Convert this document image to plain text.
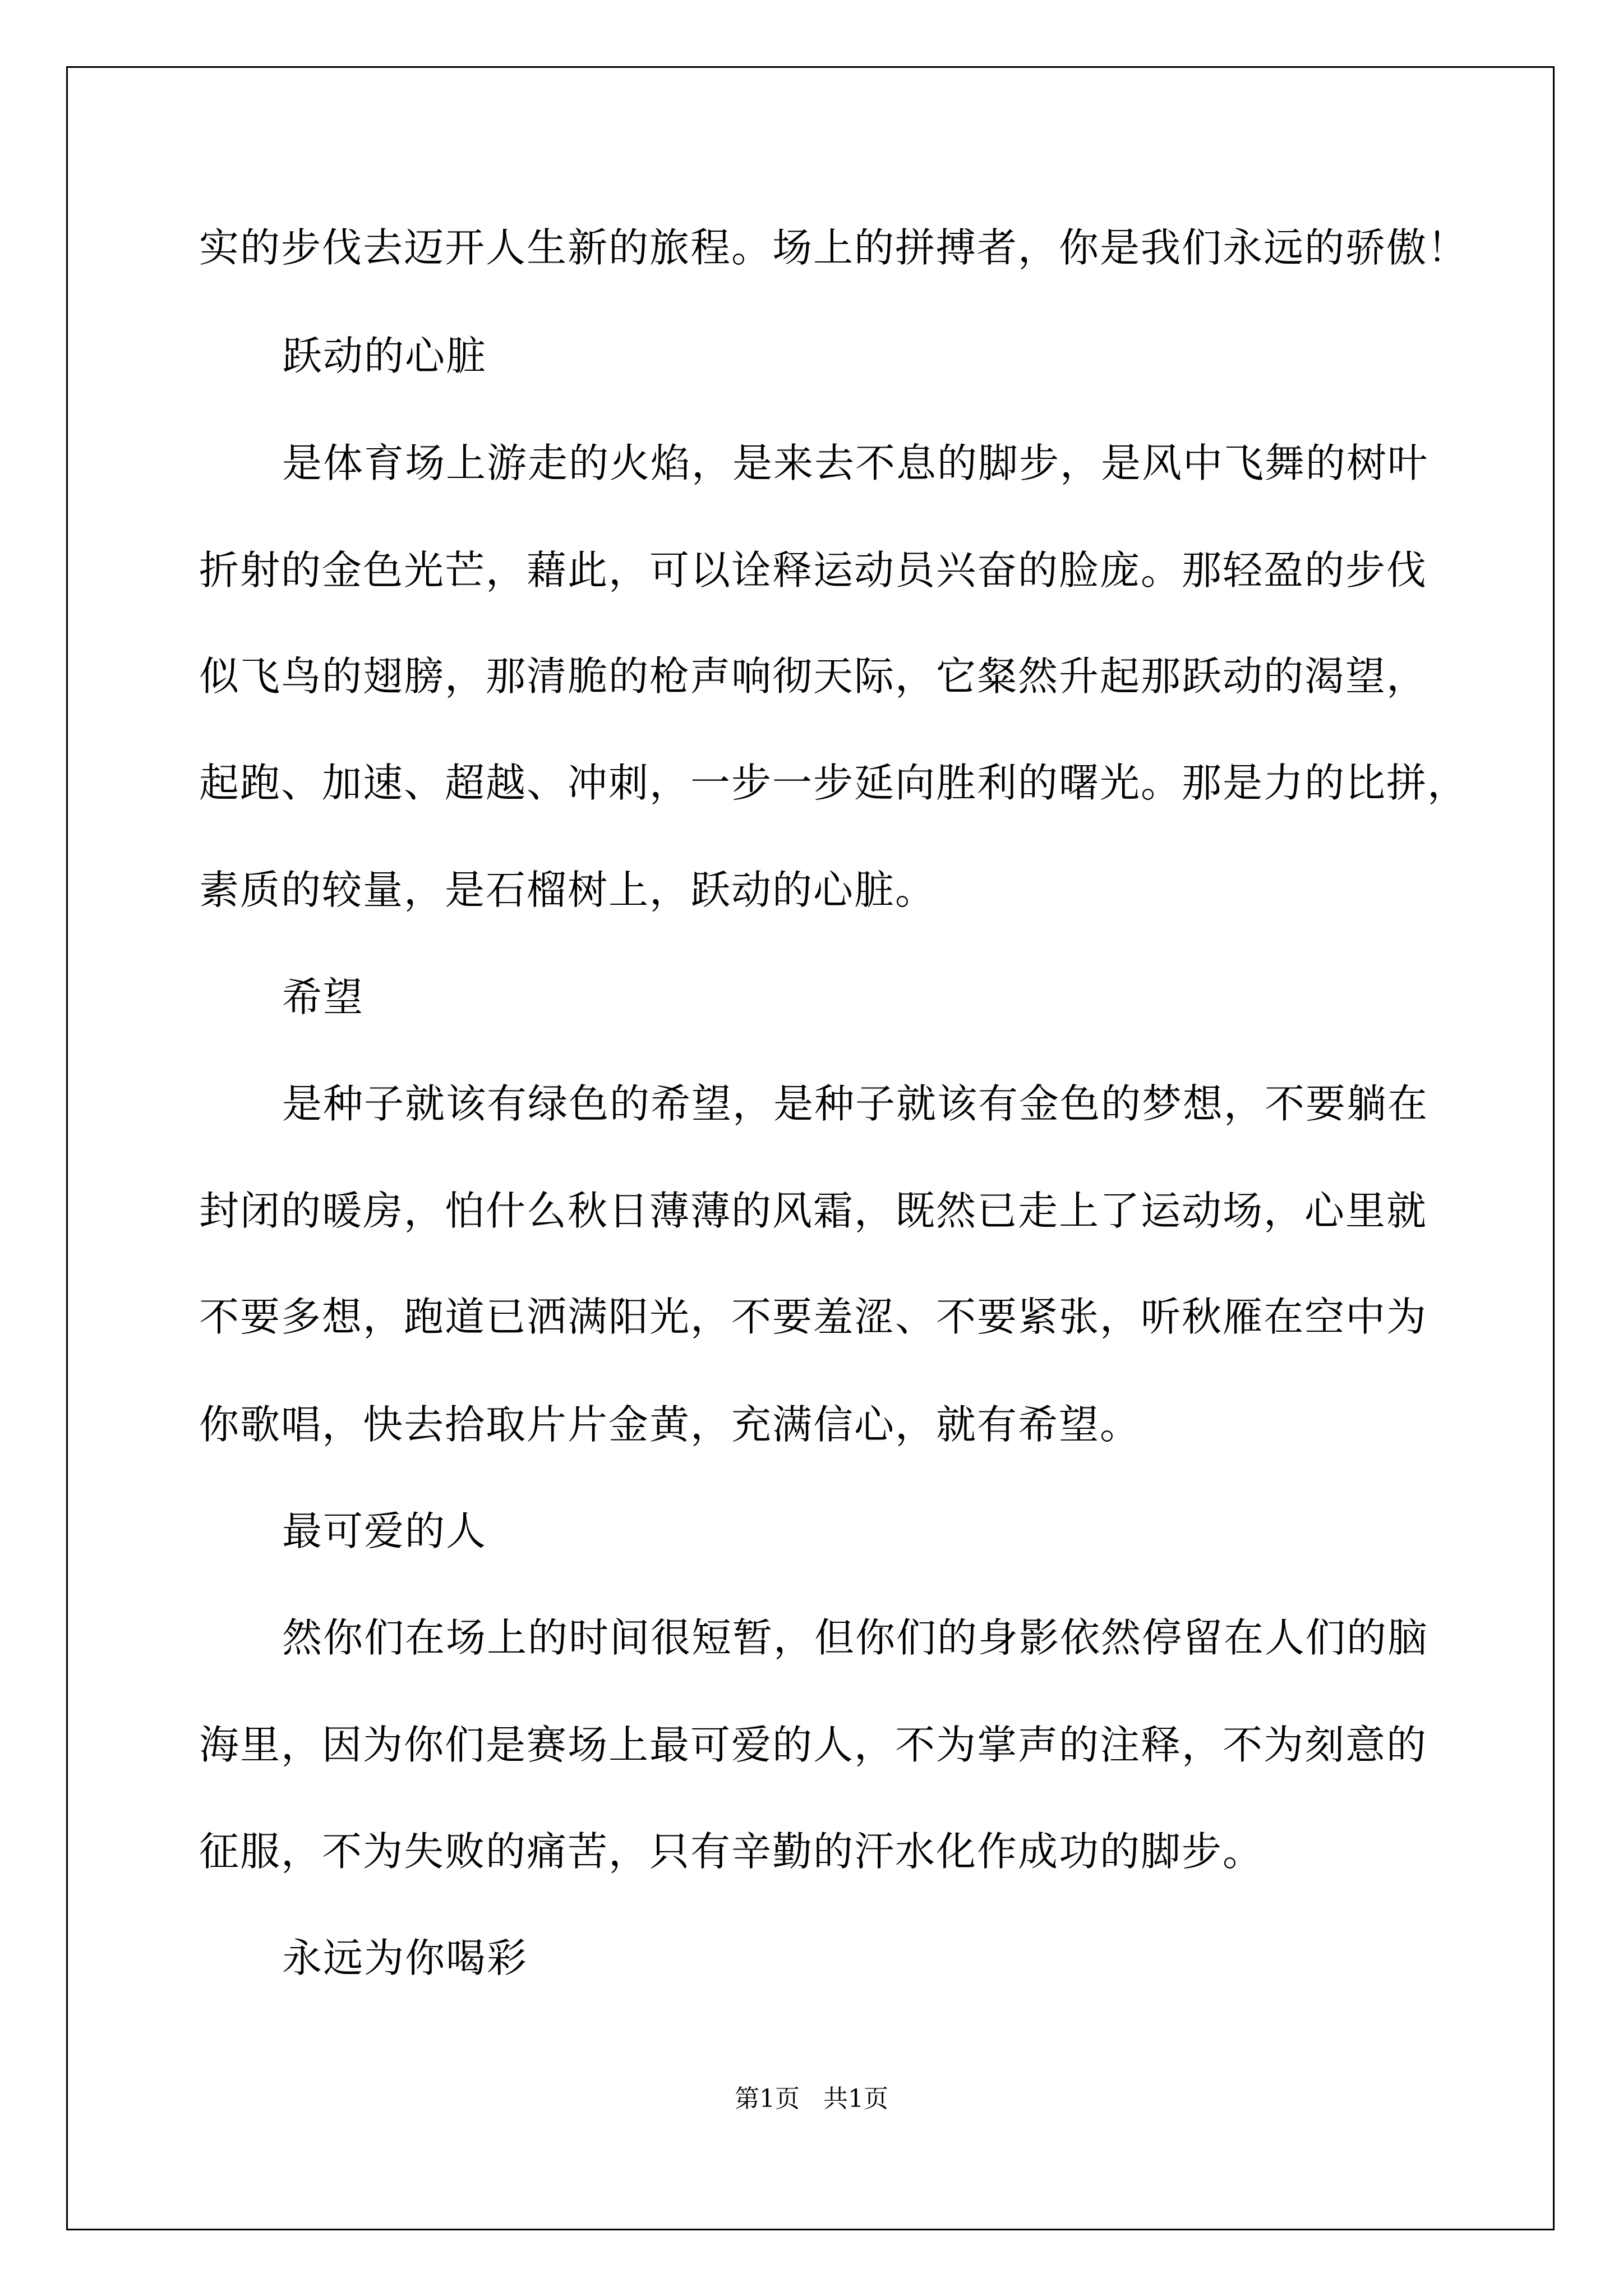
实的步伐去迈开人生新的旅程。场上的拼搏者，你是我们永远的骄傲！
跃动的心脏
是体育场上游走的火焰，是来去不息的脚步，是风中飞舞的树叶
折射的金色光芒，藉此，可以诠释运动员兴奋的脸庞。那轻盈的步伐
似飞鸟的翅膀，那清脆的枪声响彻天际，它粲然升起那跃动的渴望，
起跑、加速、超越、冲刺，一步一步延向胜利的曙光。那是力的比拼，
素质的较量，是石榴树上，跃动的心脏。
希望
是种子就该有绿色的希望，是种子就该有金色的梦想，不要躺在
封闭的暖房，怕什么秋日薄薄的风霜，既然已走上了运动场，心里就
不要多想，跑道已洒满阳光，不要羞涩、不要紧张，听秋雁在空中为
你歌唱，快去拾取片片金黄，充满信心，就有希望。
最可爱的人
然你们在场上的时间很短暂，但你们的身影依然停留在人们的脑
海里，因为你们是赛场上最可爱的人，不为掌声的注释，不为刻意的
征服，不为失败的痛苦，只有辛勤的汗水化作成功的脚步。
永远为你喝彩
第1页   共1页
